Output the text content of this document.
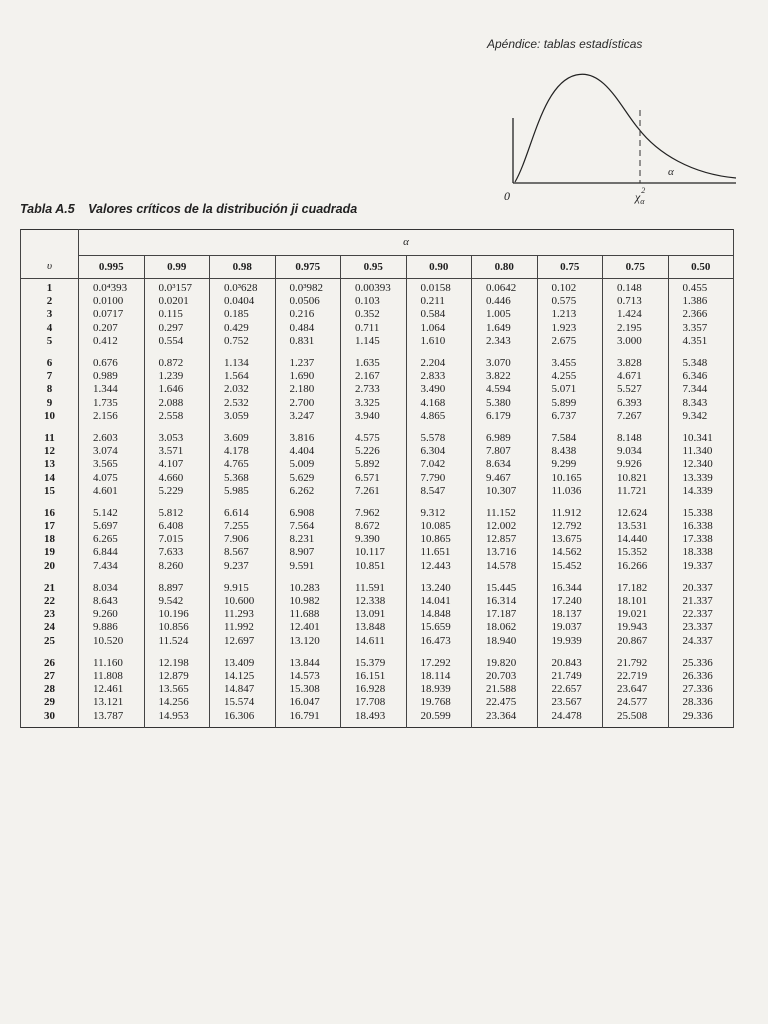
Apéndice: tablas estadísticas
0
α
$\chi^2$ α
Tabla A.5 Valores críticos de la distribución ji cuadrada
	α									
υ	0.995	0.99	0.98	0.975	0.95	0.90	0.80	0.75	0.75	0.50
1	0.0⁴393	0.0³157	0.0³628	0.0³982	0.00393	0.0158	0.0642	0.102	0.148	0.455
2	0.0100	0.0201	0.0404	0.0506	0.103	0.211	0.446	0.575	0.713	1.386
3	0.0717	0.115	0.185	0.216	0.352	0.584	1.005	1.213	1.424	2.366
4	0.207	0.297	0.429	0.484	0.711	1.064	1.649	1.923	2.195	3.357
5	0.412	0.554	0.752	0.831	1.145	1.610	2.343	2.675	3.000	4.351
6	0.676	0.872	1.134	1.237	1.635	2.204	3.070	3.455	3.828	5.348
7	0.989	1.239	1.564	1.690	2.167	2.833	3.822	4.255	4.671	6.346
8	1.344	1.646	2.032	2.180	2.733	3.490	4.594	5.071	5.527	7.344
9	1.735	2.088	2.532	2.700	3.325	4.168	5.380	5.899	6.393	8.343
10	2.156	2.558	3.059	3.247	3.940	4.865	6.179	6.737	7.267	9.342
11	2.603	3.053	3.609	3.816	4.575	5.578	6.989	7.584	8.148	10.341
12	3.074	3.571	4.178	4.404	5.226	6.304	7.807	8.438	9.034	11.340
13	3.565	4.107	4.765	5.009	5.892	7.042	8.634	9.299	9.926	12.340
14	4.075	4.660	5.368	5.629	6.571	7.790	9.467	10.165	10.821	13.339
15	4.601	5.229	5.985	6.262	7.261	8.547	10.307	11.036	11.721	14.339
16	5.142	5.812	6.614	6.908	7.962	9.312	11.152	11.912	12.624	15.338
17	5.697	6.408	7.255	7.564	8.672	10.085	12.002	12.792	13.531	16.338
18	6.265	7.015	7.906	8.231	9.390	10.865	12.857	13.675	14.440	17.338
19	6.844	7.633	8.567	8.907	10.117	11.651	13.716	14.562	15.352	18.338
20	7.434	8.260	9.237	9.591	10.851	12.443	14.578	15.452	16.266	19.337
21	8.034	8.897	9.915	10.283	11.591	13.240	15.445	16.344	17.182	20.337
22	8.643	9.542	10.600	10.982	12.338	14.041	16.314	17.240	18.101	21.337
23	9.260	10.196	11.293	11.688	13.091	14.848	17.187	18.137	19.021	22.337
24	9.886	10.856	11.992	12.401	13.848	15.659	18.062	19.037	19.943	23.337
25	10.520	11.524	12.697	13.120	14.611	16.473	18.940	19.939	20.867	24.337
26	11.160	12.198	13.409	13.844	15.379	17.292	19.820	20.843	21.792	25.336
27	11.808	12.879	14.125	14.573	16.151	18.114	20.703	21.749	22.719	26.336
28	12.461	13.565	14.847	15.308	16.928	18.939	21.588	22.657	23.647	27.336
29	13.121	14.256	15.574	16.047	17.708	19.768	22.475	23.567	24.577	28.336
30	13.787	14.953	16.306	16.791	18.493	20.599	23.364	24.478	25.508	29.336
